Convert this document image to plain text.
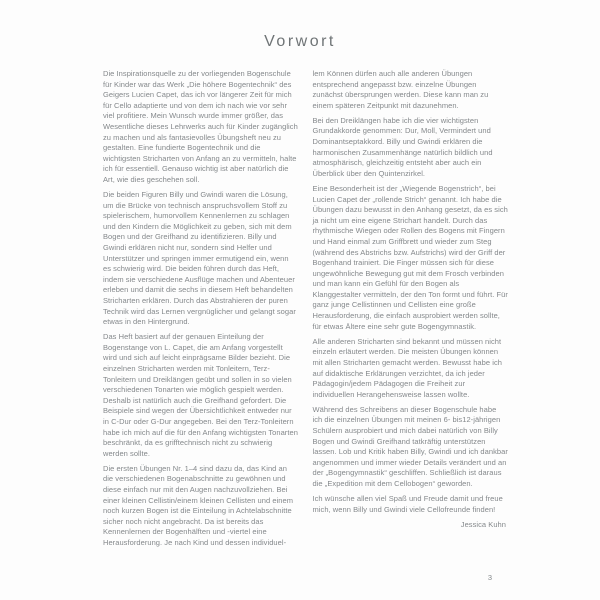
Vorwort

Die Inspirationsquelle zu der vorliegenden Bogenschule für Kinder war das Werk „Die höhere Bogentechnik“ des Geigers Lucien Capet, das ich vor längerer Zeit für mich für Cello adaptierte und von dem ich nach wie vor sehr viel profitiere. Mein Wunsch wurde immer größer, das Wesentliche dieses Lehrwerks auch für Kinder zugänglich zu machen und als fantasievolles Übungsheft neu zu gestalten. Eine fundierte Bogentechnik und die wichtigsten Stricharten von Anfang an zu vermitteln, halte ich für essentiell. Genauso wichtig ist aber natürlich die Art, wie dies geschehen soll.

Die beiden Figuren Billy und Gwindi waren die Lösung, um die Brücke von technisch anspruchsvollem Stoff zu spielerischem, humorvollem Kennenlernen zu schlagen und den Kindern die Möglichkeit zu geben, sich mit dem Bogen und der Greifhand zu identifizieren. Billy und Gwindi erklären nicht nur, sondern sind Helfer und Unterstützer und springen immer ermutigend ein, wenn es schwierig wird. Die beiden führen durch das Heft, indem sie verschiedene Ausflüge machen und Abenteuer erleben und damit die sechs in diesem Heft behandelten Stricharten erklären. Durch das Abstrahieren der puren Technik wird das Lernen vergnüglicher und gelangt sogar etwas in den Hintergrund.

Das Heft basiert auf der genauen Einteilung der Bogenstange von L. Capet, die am Anfang vorgestellt wird und sich auf leicht einprägsame Bilder bezieht. Die einzelnen Stricharten werden mit Tonleitern, Terz-Tonleitern und Dreiklängen geübt und sollen in so vielen verschiedenen Tonarten wie möglich gespielt werden. Deshalb ist natürlich auch die Greifhand gefordert. Die Beispiele sind wegen der Übersichtlichkeit entweder nur in C-Dur oder G-Dur angegeben. Bei den Terz-Tonleitern habe ich mich auf die für den Anfang wichtigsten Tonarten beschränkt, da es grifftechnisch nicht zu schwierig werden sollte.

Die ersten Übungen Nr. 1–4 sind dazu da, das Kind an die verschiedenen Bogenabschnitte zu gewöhnen und diese einfach nur mit den Augen nachzuvollziehen. Bei einer kleinen Cellistin/einem kleinen Cellisten und einem noch kurzen Bogen ist die Einteilung in Achtelabschnitte sicher noch nicht angebracht. Da ist bereits das Kennenlernen der Bogenhälften und -viertel eine Herausforderung. Je nach Kind und dessen individuel-

lem Können dürfen auch alle anderen Übungen entsprechend angepasst bzw. einzelne Übungen zunächst übersprungen werden. Diese kann man zu einem späteren Zeitpunkt mit dazunehmen.

Bei den Dreiklängen habe ich die vier wichtigsten Grundakkorde genommen: Dur, Moll, Vermindert und Dominantseptakkord. Billy und Gwindi erklären die harmonischen Zusammenhänge natürlich bildlich und atmosphärisch, gleichzeitig entsteht aber auch ein Überblick über den Quintenzirkel.

Eine Besonderheit ist der „Wiegende Bogenstrich“, bei Lucien Capet der „rollende Strich“ genannt. Ich habe die Übungen dazu bewusst in den Anhang gesetzt, da es sich ja nicht um eine eigene Strichart handelt. Durch das rhythmische Wiegen oder Rollen des Bogens mit Fingern und Hand einmal zum Griffbrett und wieder zum Steg (während des Abstrichs bzw. Aufstrichs) wird der Griff der Bogenhand trainiert. Die Finger müssen sich für diese ungewöhnliche Bewegung gut mit dem Frosch verbinden und man kann ein Gefühl für den Bogen als Klanggestalter vermitteln, der den Ton formt und führt. Für ganz junge Cellistinnen und Cellisten eine große Herausforderung, die einfach ausprobiert werden sollte, für etwas Ältere eine sehr gute Bogengymnastik.

Alle anderen Stricharten sind bekannt und müssen nicht einzeln erläutert werden. Die meisten Übungen können mit allen Stricharten gemacht werden. Bewusst habe ich auf didaktische Erklärungen verzichtet, da ich jeder Pädagogin/jedem Pädagogen die Freiheit zur individuellen Herangehensweise lassen wollte.

Während des Schreibens an dieser Bogenschule habe ich die einzelnen Übungen mit meinen 6- bis12-jährigen Schülern ausprobiert und mich dabei natürlich von Billy Bogen und Gwindi Greifhand tatkräftig unterstützen lassen. Lob und Kritik haben Billy, Gwindi und ich dankbar angenommen und immer wieder Details verändert und an der „Bogengymnastik“ geschliffen. Schließlich ist daraus die „Expedition mit dem Cellobogen“ geworden.

Ich wünsche allen viel Spaß und Freude damit und freue mich, wenn Billy und Gwindi viele Cellofreunde finden!

Jessica Kuhn

3
